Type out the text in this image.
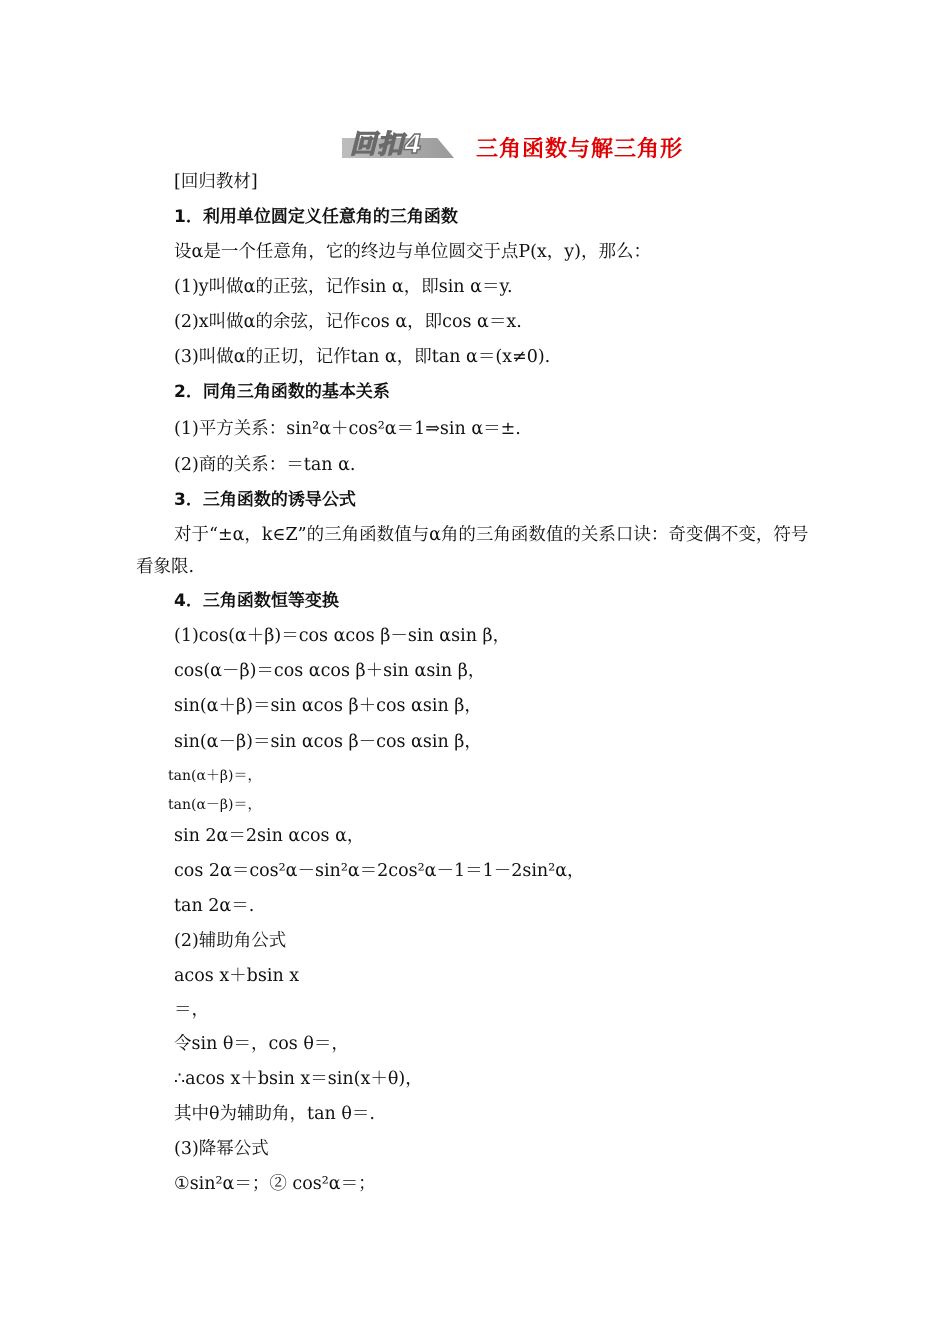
回扣4 三角函数与解三角形
[回归教材]
1．利用单位圆定义任意角的三角函数
设α是一个任意角，它的终边与单位圆交于点P(x，y)，那么：
(1)y叫做α的正弦，记作sin α，即sin α＝y.
(2)x叫做α的余弦，记作cos α，即cos α＝x.
(3)叫做α的正切，记作tan α，即tan α＝(x≠0).
2．同角三角函数的基本关系
(1)平方关系：sin²α＋cos²α＝1⇒sin α＝±.
(2)商的关系：＝tan α.
3．三角函数的诱导公式
对于“±α，k∈Z”的三角函数值与α角的三角函数值的关系口诀：奇变偶不变，符号看象限.
4．三角函数恒等变换
(1)cos(α＋β)＝cos αcos β－sin αsin β，
cos(α－β)＝cos αcos β＋sin αsin β，
sin(α＋β)＝sin αcos β＋cos αsin β，
sin(α－β)＝sin αcos β－cos αsin β，
tan(α＋β)＝，
tan(α－β)＝，
sin 2α＝2sin αcos α，
cos 2α＝cos²α－sin²α＝2cos²α－1＝1－2sin²α，
tan 2α＝.
(2)辅助角公式
acos x＋bsin x
＝，
令sin θ＝，cos θ＝，
∴acos x＋bsin x＝sin(x＋θ)，
其中θ为辅助角，tan θ＝.
(3)降幂公式
①sin²α＝；② cos²α＝；
